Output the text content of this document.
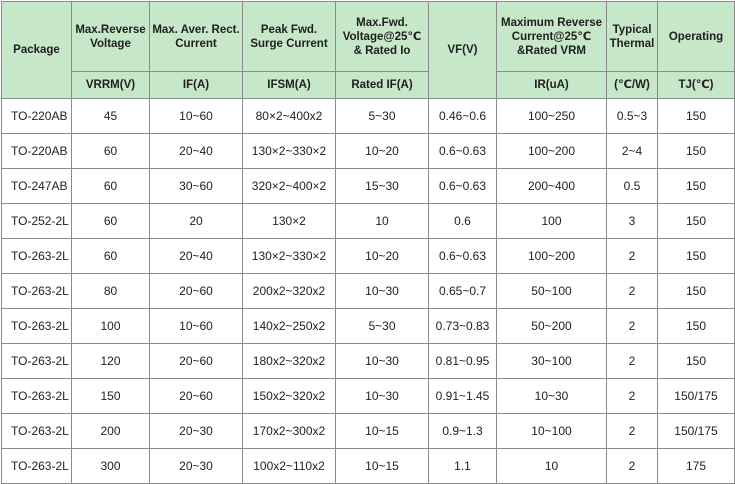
Package	Max.Reverse Voltage	Max. Aver. Rect. Current	Peak Fwd. Surge Current	Max.Fwd. Voltage@25℃ & Rated Io	VF(V)	Maximum Reverse Current@25℃ &Rated VRM	Typical Thermal	Operating
	VRRM(V)	IF(A)	IFSM(A)	Rated IF(A)		IR(uA)	(℃/W)	TJ(℃)
TO-220AB	45	10~60	80×2~400x2	5~30	0.46~0.6	100~250	0.5~3	150
TO-220AB	60	20~40	130×2~330×2	10~20	0.6~0.63	100~200	2~4	150
TO-247AB	60	30~60	320×2~400×2	15~30	0.6~0.63	200~400	0.5	150
TO-252-2L	60	20	130×2	10	0.6	100	3	150
TO-263-2L	60	20~40	130×2~330×2	10~20	0.6~0.63	100~200	2	150
TO-263-2L	80	20~60	200x2~320x2	10~30	0.65~0.7	50~100	2	150
TO-263-2L	100	10~60	140x2~250x2	5~30	0.73~0.83	50~200	2	150
TO-263-2L	120	20~60	180x2~320x2	10~30	0.81~0.95	30~100	2	150
TO-263-2L	150	20~60	150x2~320x2	10~30	0.91~1.45	10~30	2	150/175
TO-263-2L	200	20~30	170x2~300x2	10~15	0.9~1.3	10~100	2	150/175
TO-263-2L	300	20~30	100x2~110x2	10~15	1.1	10	2	175
